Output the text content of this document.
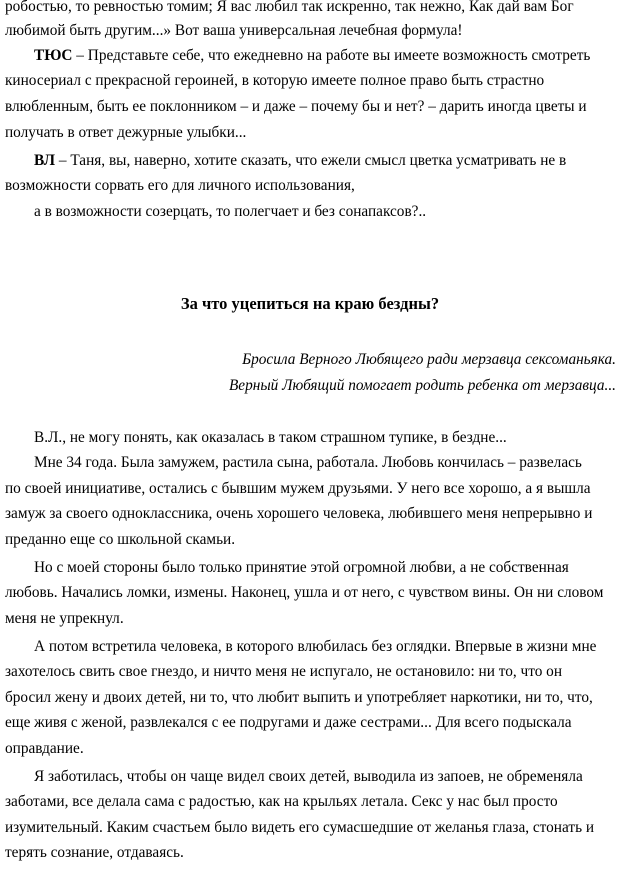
робостью, то ревностью томим; Я вас любил так искренно, так нежно, Как дай вам Бог
любимой быть другим...» Вот ваша универсальная лечебная формула!
ТЮС – Представьте себе, что ежедневно на работе вы имеете возможность смотреть
киносериал с прекрасной героиней, в которую имеете полное право быть страстно
влюбленным, быть ее поклонником – и даже – почему бы и нет? – дарить иногда цветы и
получать в ответ дежурные улыбки...
ВЛ – Таня, вы, наверно, хотите сказать, что ежели смысл цветка усматривать не в
возможности сорвать его для личного использования,
а в возможности созерцать, то полегчает и без сонапаксов?..
За что уцепиться на краю бездны?
Бросила Верного Любящего ради мерзавца сексоманьяка.
Верный Любящий помогает родить ребенка от мерзавца...
В.Л., не могу понять, как оказалась в таком страшном тупике, в бездне...
Мне 34 года. Была замужем, растила сына, работала. Любовь кончилась – развелась
по своей инициативе, остались с бывшим мужем друзьями. У него все хорошо, а я вышла
замуж за своего одноклассника, очень хорошего человека, любившего меня непрерывно и
преданно еще со школьной скамьи.
Но с моей стороны было только принятие этой огромной любви, а не собственная
любовь. Начались ломки, измены. Наконец, ушла и от него, с чувством вины. Он ни словом
меня не упрекнул.
А потом встретила человека, в которого влюбилась без оглядки. Впервые в жизни мне
захотелось свить свое гнездо, и ничто меня не испугало, не остановило: ни то, что он
бросил жену и двоих детей, ни то, что любит выпить и употребляет наркотики, ни то, что,
еще живя с женой, развлекался с ее подругами и даже сестрами... Для всего подыскала
оправдание.
Я заботилась, чтобы он чаще видел своих детей, выводила из запоев, не обременяла
заботами, все делала сама с радостью, как на крыльях летала. Секс у нас был просто
изумительный. Каким счастьем было видеть его сумасшедшие от желанья глаза, стонать и
терять сознание, отдаваясь.
